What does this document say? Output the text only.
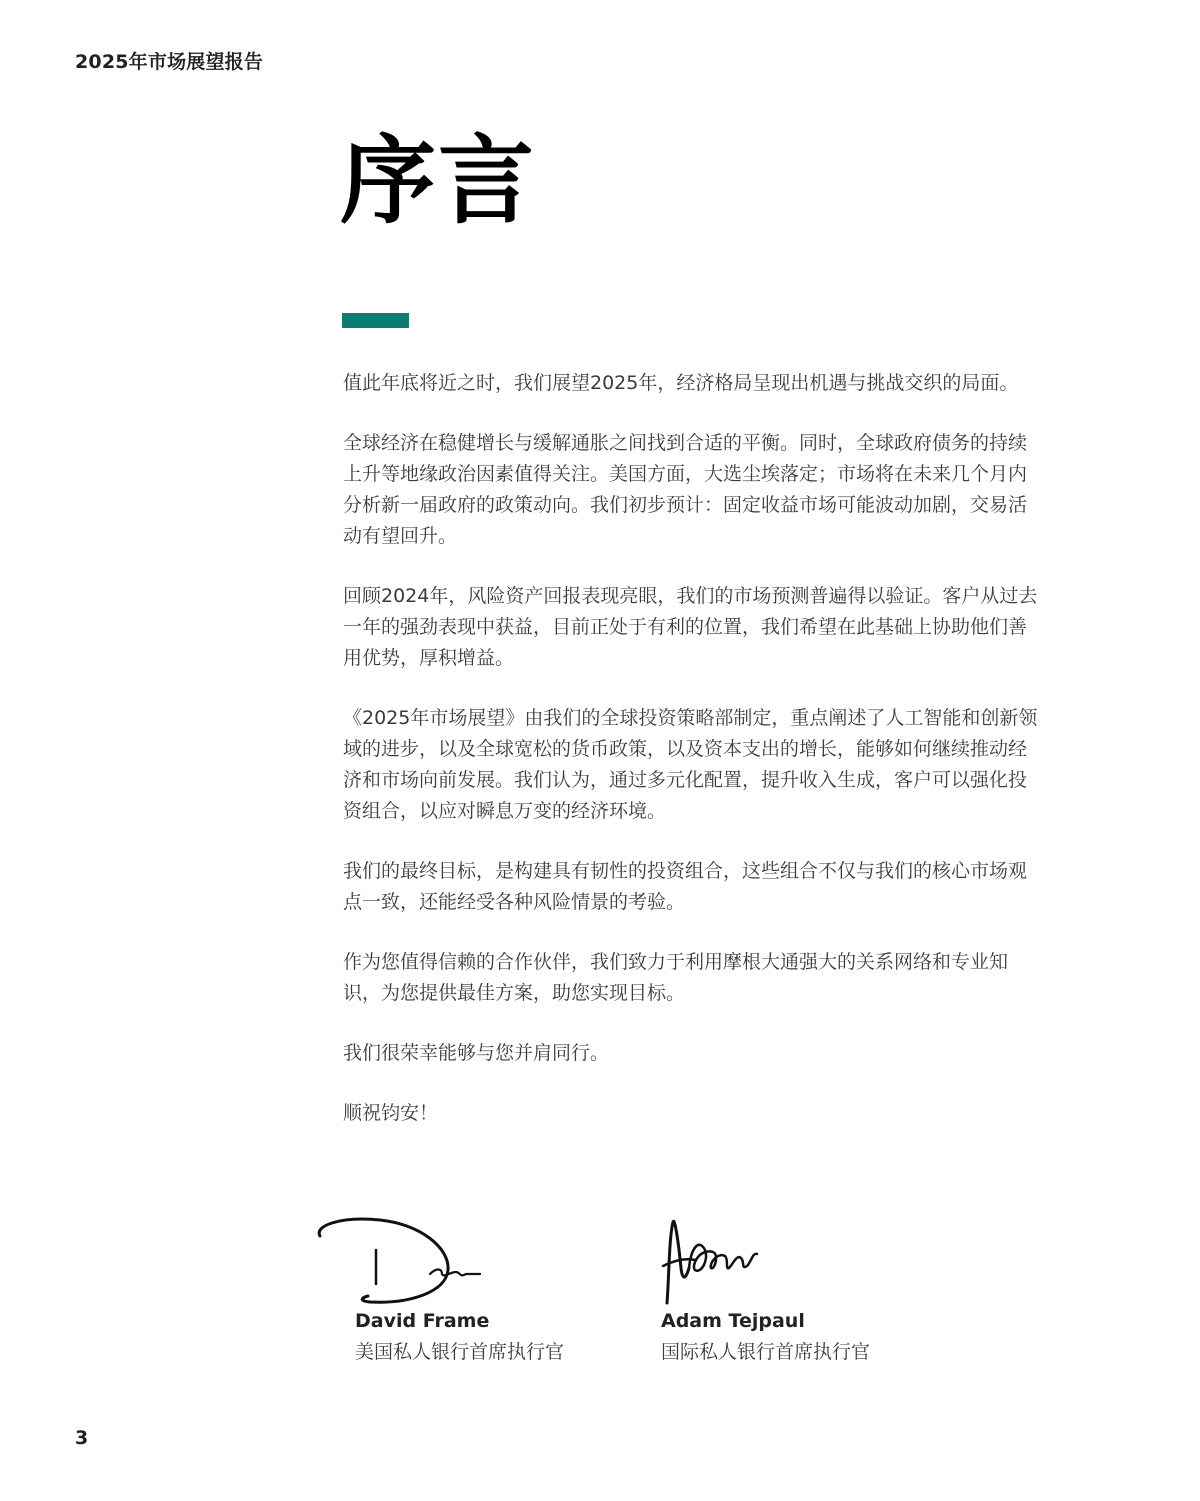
2025年市场展望报告
序言

值此年底将近之时，我们展望2025年，经济格局呈现出机遇与挑战交织的局面。

全球经济在稳健增长与缓解通胀之间找到合适的平衡。同时，全球政府债务的持续上升等地缘政治因素值得关注。美国方面，大选尘埃落定；市场将在未来几个月内分析新一届政府的政策动向。我们初步预计：固定收益市场可能波动加剧，交易活动有望回升。

回顾2024年，风险资产回报表现亮眼，我们的市场预测普遍得以验证。客户从过去一年的强劲表现中获益，目前正处于有利的位置，我们希望在此基础上协助他们善用优势，厚积增益。

《2025年市场展望》由我们的全球投资策略部制定，重点阐述了人工智能和创新领域的进步，以及全球宽松的货币政策，以及资本支出的增长，能够如何继续推动经济和市场向前发展。我们认为，通过多元化配置，提升收入生成，客户可以强化投资组合，以应对瞬息万变的经济环境。

我们的最终目标，是构建具有韧性的投资组合，这些组合不仅与我们的核心市场观点一致，还能经受各种风险情景的考验。

作为您值得信赖的合作伙伴，我们致力于利用摩根大通强大的关系网络和专业知识，为您提供最佳方案，助您实现目标。

我们很荣幸能够与您并肩同行。

顺祝钧安！

David Frame

美国私人银行首席执行官

Adam Tejpaul

国际私人银行首席执行官

3
